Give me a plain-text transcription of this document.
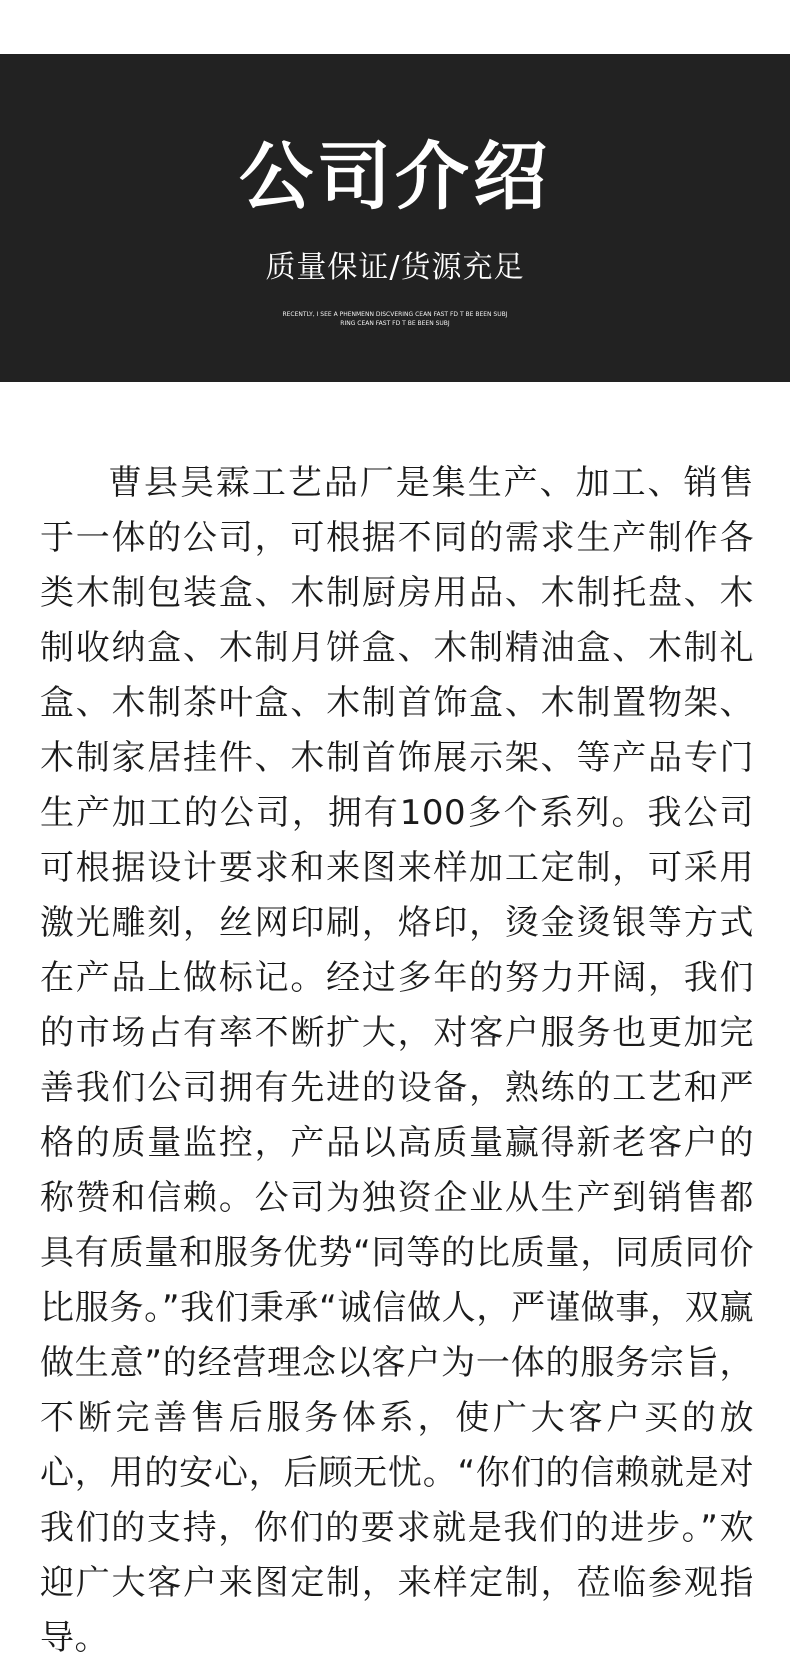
公司介绍
质量保证/货源充足
RECENTLY, I SEE A PHENMENN DISCVERING CEAN FAST FD T BE BEEN SUBJ
RING CEAN FAST FD T BE BEEN SUBJ

曹县昊霖工艺品厂是集生产、加工、销售于一体的公司，可根据不同的需求生产制作各类木制包装盒、木制厨房用品、木制托盘、木制收纳盒、木制月饼盒、木制精油盒、木制礼盒、木制茶叶盒、木制首饰盒、木制置物架、木制家居挂件、木制首饰展示架、等产品专门生产加工的公司，拥有100多个系列。我公司可根据设计要求和来图来样加工定制，可采用激光雕刻，丝网印刷，烙印，烫金烫银等方式在产品上做标记。经过多年的努力开阔，我们的市场占有率不断扩大，对客户服务也更加完善我们公司拥有先进的设备，熟练的工艺和严格的质量监控，产品以高质量赢得新老客户的称赞和信赖。公司为独资企业从生产到销售都具有质量和服务优势“同等的比质量，同质同价比服务。”我们秉承“诚信做人，严谨做事，双赢做生意”的经营理念以客户为一体的服务宗旨，不断完善售后服务体系，使广大客户买的放心，用的安心，后顾无忧。“你们的信赖就是对我们的支持，你们的要求就是我们的进步。”欢迎广大客户来图定制，来样定制，莅临参观指导。
